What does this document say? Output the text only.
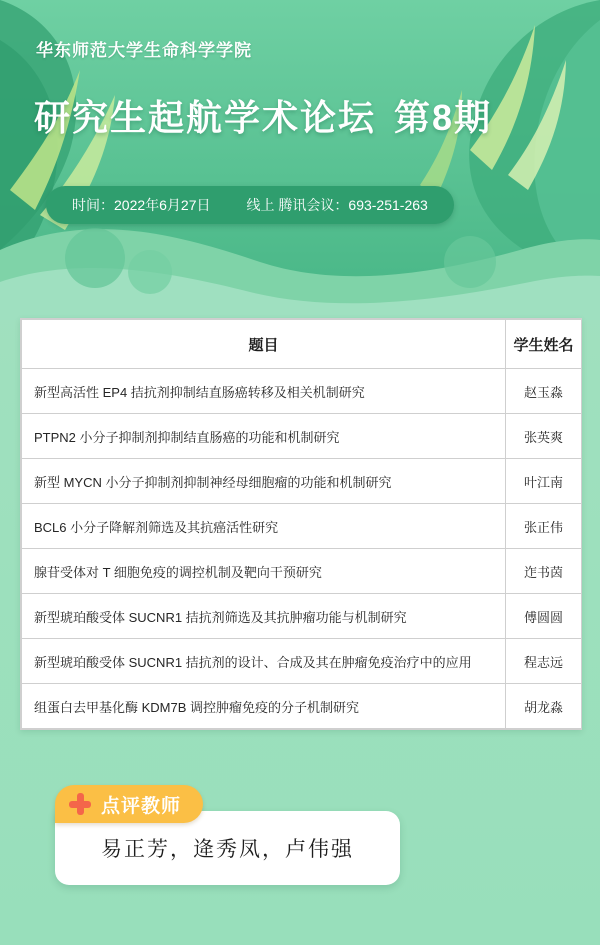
华东师范大学生命科学学院
研究生起航学术论坛 第8期
时间：2022年6月27日	线上 腾讯会议：693-251-263
题目	学生姓名
新型高活性 EP4 拮抗剂抑制结直肠癌转移及相关机制研究	赵玉淼
PTPN2 小分子抑制剂抑制结直肠癌的功能和机制研究	张英爽
新型 MYCN 小分子抑制剂抑制神经母细胞瘤的功能和机制研究	叶江南
BCL6 小分子降解剂筛选及其抗癌活性研究	张正伟
腺苷受体对 T 细胞免疫的调控机制及靶向干预研究	迮书茵
新型琥珀酸受体 SUCNR1 拮抗剂筛选及其抗肿瘤功能与机制研究	傅圆圆
新型琥珀酸受体 SUCNR1 拮抗剂的设计、合成及其在肿瘤免疫治疗中的应用	程志远
组蛋白去甲基化酶 KDM7B 调控肿瘤免疫的分子机制研究	胡龙淼
点评教师
易正芳，逄秀凤，卢伟强
